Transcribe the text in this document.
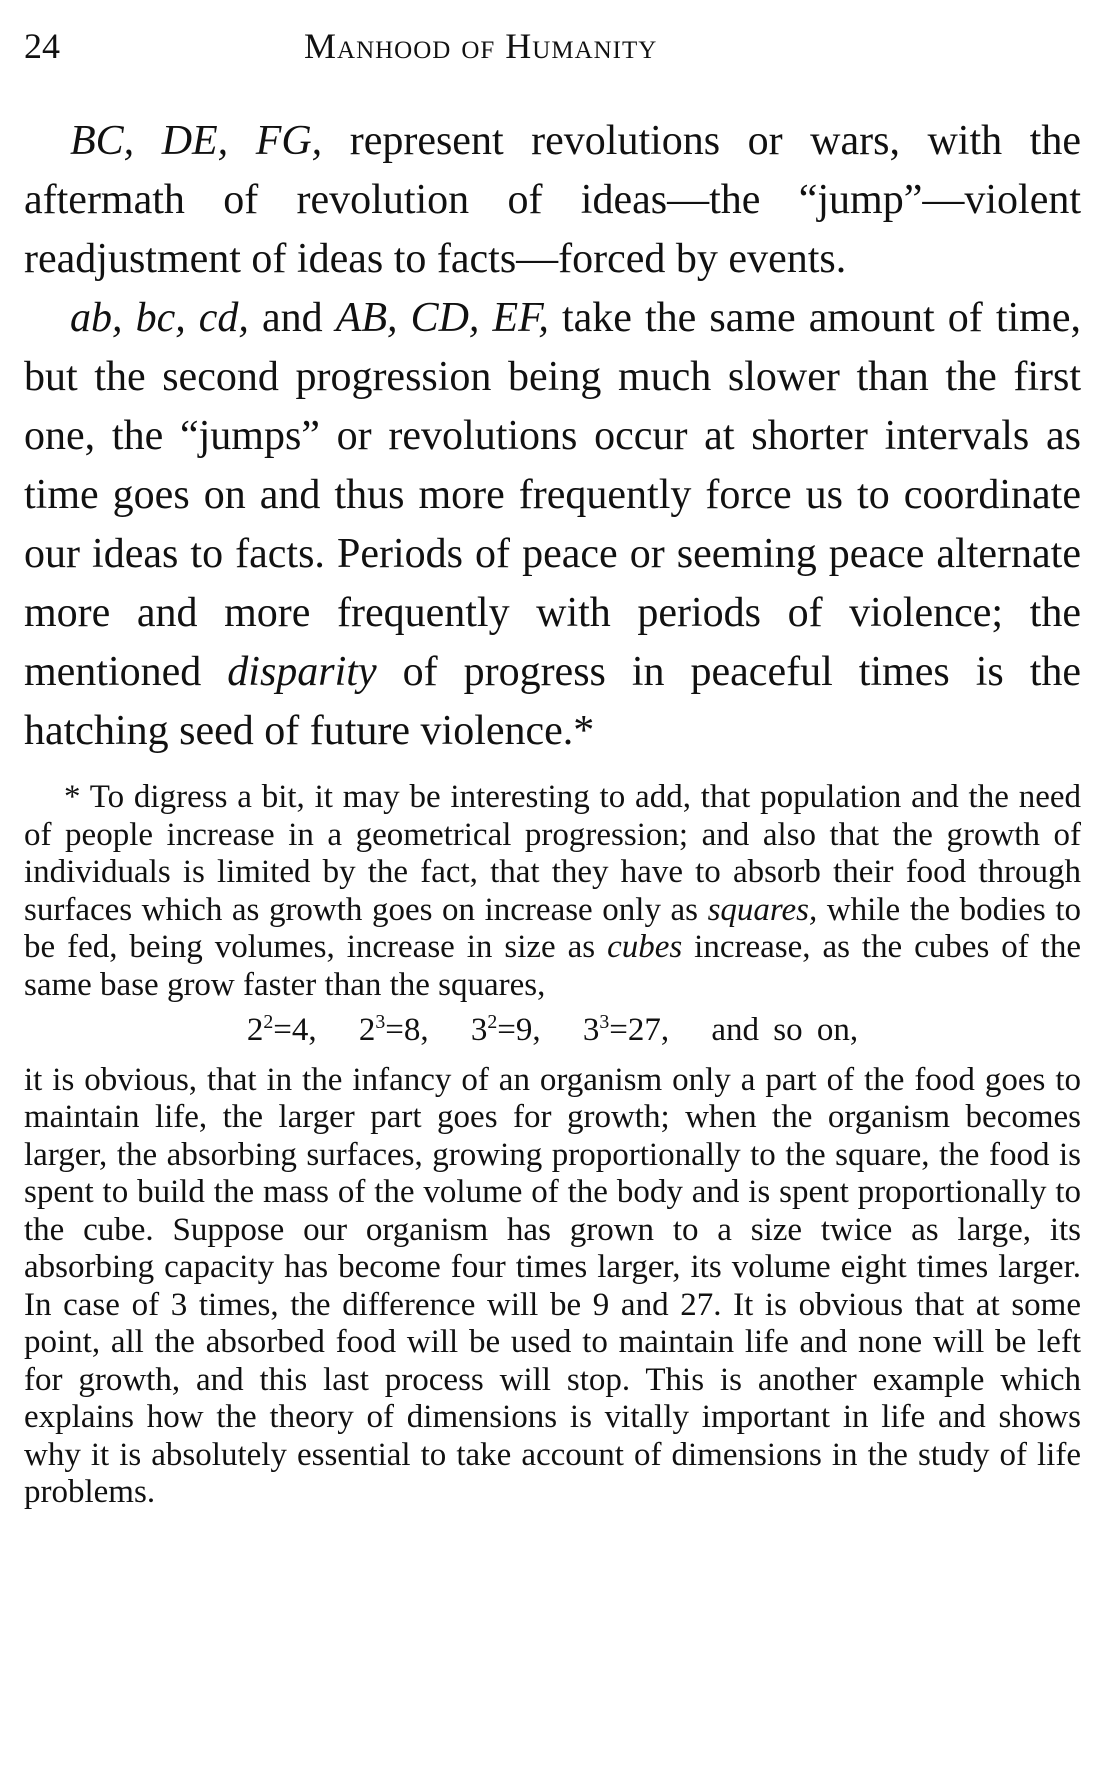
24	Manhood of Humanity

BC, DE, FG, represent revolutions or wars, with the aftermath of revolution of ideas—the “jump”—violent readjustment of ideas to facts—forced by events.

ab, bc, cd, and AB, CD, EF, take the same amount of time, but the second progression being much slower than the first one, the “jumps” or revolutions occur at shorter intervals as time goes on and thus more frequently force us to coordinate our ideas to facts. Periods of peace or seeming peace alternate more and more frequently with periods of violence; the mentioned disparity of progress in peaceful times is the hatching seed of future violence.*

* To digress a bit, it may be interesting to add, that population and the need of people increase in a geometrical progression; and also that the growth of individuals is limited by the fact, that they have to absorb their food through surfaces which as growth goes on increase only as squares, while the bodies to be fed, being volumes, increase in size as cubes increase, as the cubes of the same base grow faster than the squares,

$2^2=4$, $2^3=8$, $3^2=9$, $3^3=27$, and so on,

it is obvious, that in the infancy of an organism only a part of the food goes to maintain life, the larger part goes for growth; when the organism becomes larger, the absorbing surfaces, growing proportionally to the square, the food is spent to build the mass of the volume of the body and is spent proportionally to the cube. Suppose our organism has grown to a size twice as large, its absorbing capacity has become four times larger, its volume eight times larger. In case of 3 times, the difference will be 9 and 27. It is obvious that at some point, all the absorbed food will be used to maintain life and none will be left for growth, and this last process will stop. This is another example which explains how the theory of dimensions is vitally important in life and shows why it is absolutely essential to take account of dimensions in the study of life problems.
